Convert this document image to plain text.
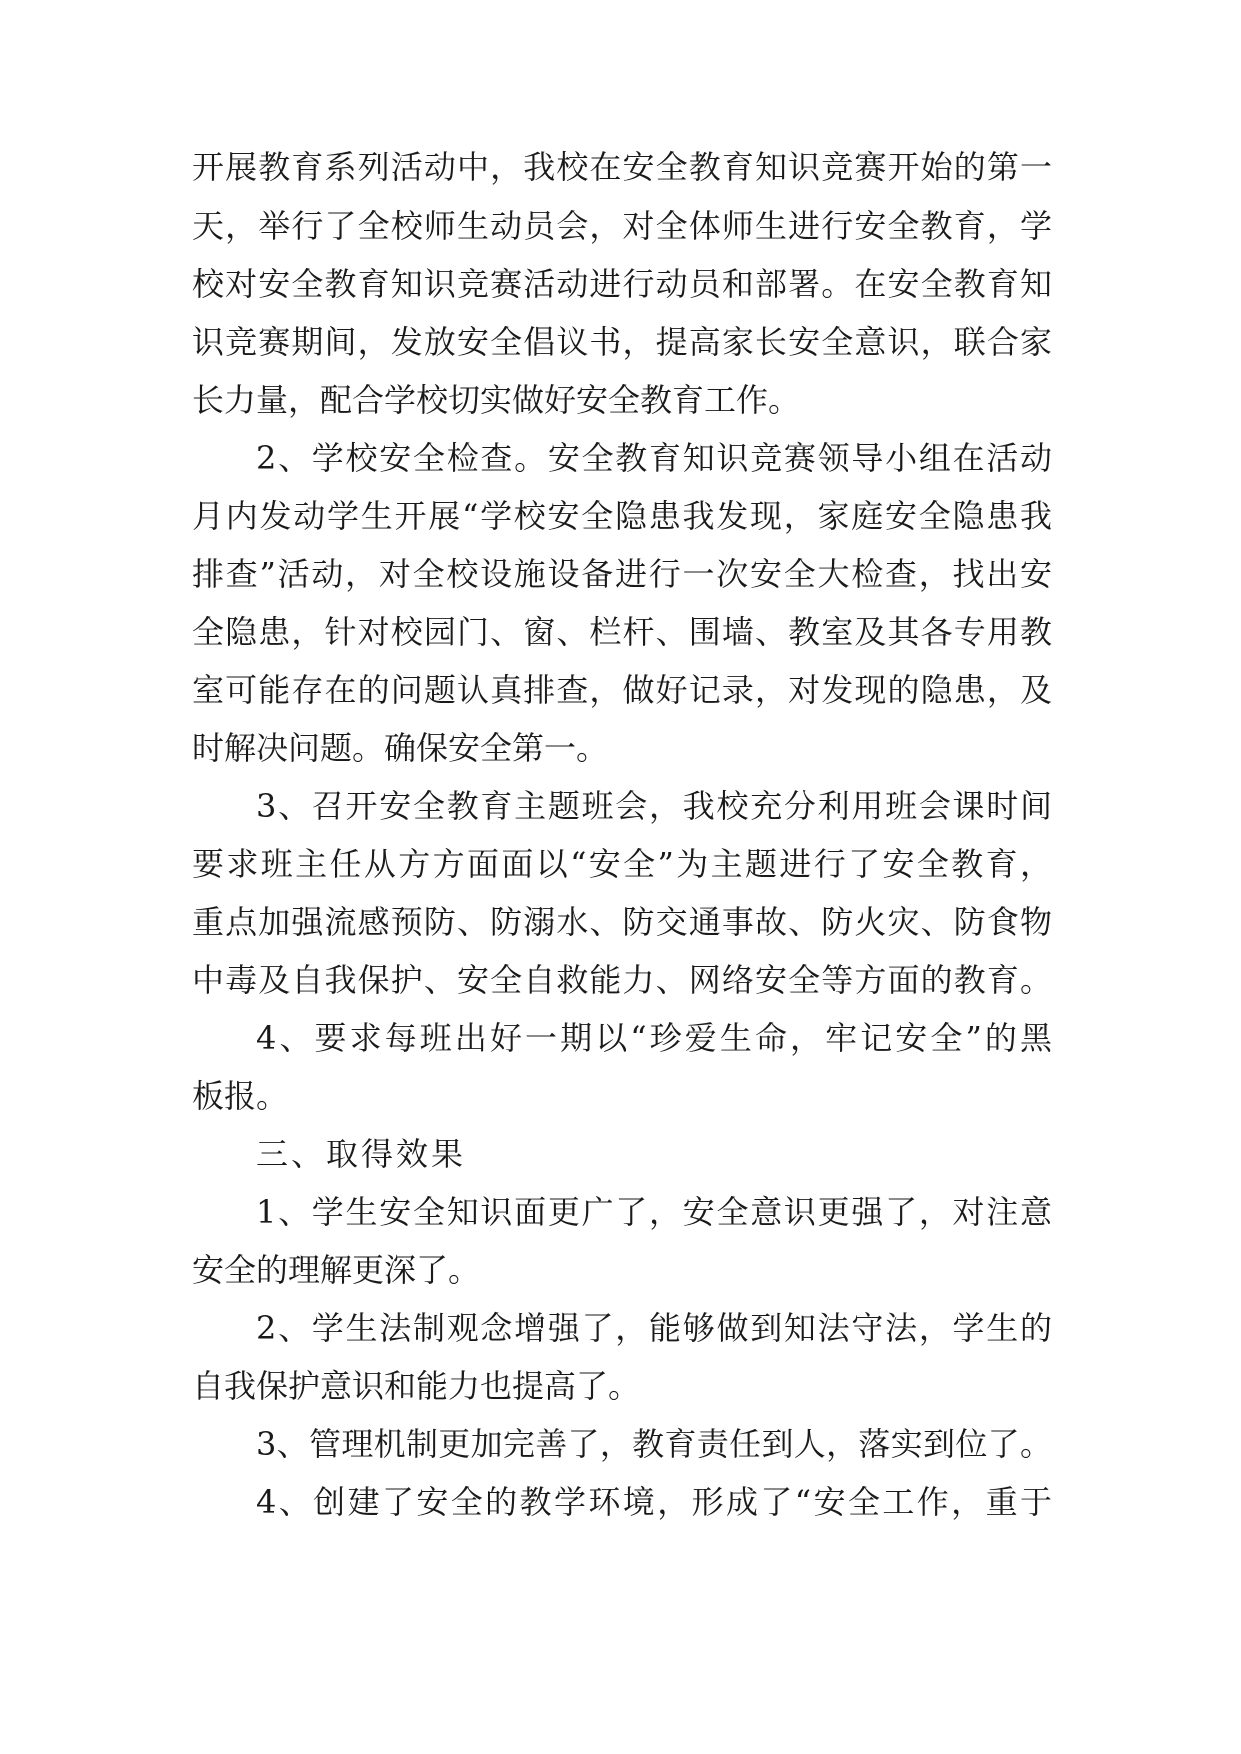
开展教育系列活动中，我校在安全教育知识竞赛开始的第一
天，举行了全校师生动员会，对全体师生进行安全教育，学
校对安全教育知识竞赛活动进行动员和部署。在安全教育知
识竞赛期间，发放安全倡议书，提高家长安全意识，联合家
长力量，配合学校切实做好安全教育工作。
2、学校安全检查。安全教育知识竞赛领导小组在活动
月内发动学生开展“学校安全隐患我发现，家庭安全隐患我
排查”活动，对全校设施设备进行一次安全大检查，找出安
全隐患，针对校园门、窗、栏杆、围墙、教室及其各专用教
室可能存在的问题认真排查，做好记录，对发现的隐患，及
时解决问题。确保安全第一。
3、召开安全教育主题班会，我校充分利用班会课时间
要求班主任从方方面面以“安全”为主题进行了安全教育，
重点加强流感预防、防溺水、防交通事故、防火灾、防食物
中毒及自我保护、安全自救能力、网络安全等方面的教育。
4、要求每班出好一期以“珍爱生命，牢记安全”的黑
板报。
三、取得效果
1、学生安全知识面更广了，安全意识更强了，对注意
安全的理解更深了。
2、学生法制观念增强了，能够做到知法守法，学生的
自我保护意识和能力也提高了。
3、管理机制更加完善了，教育责任到人，落实到位了。
4、创建了安全的教学环境，形成了“安全工作，重于
